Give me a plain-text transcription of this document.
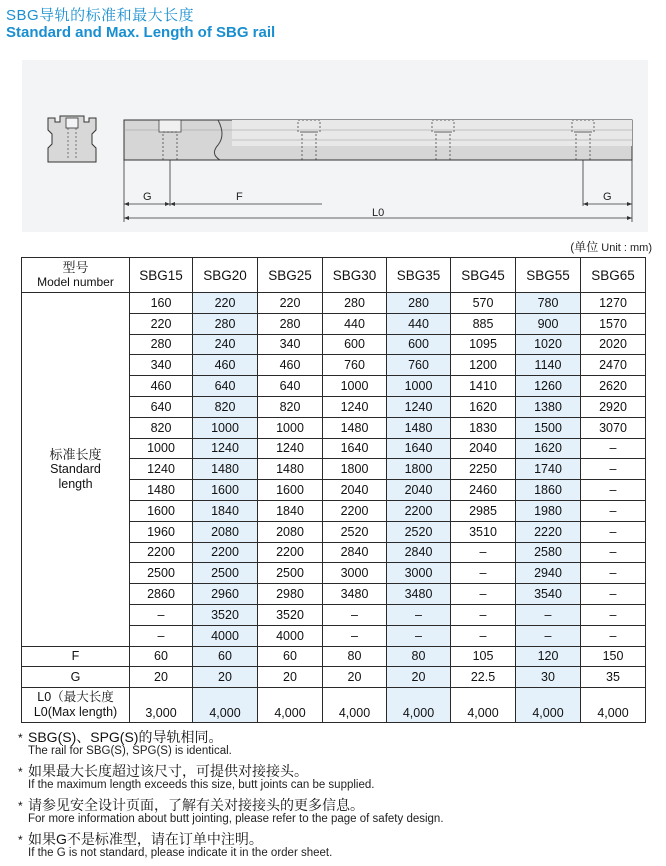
SBG导轨的标准和最大长度
Standard and Max. Length of SBG rail
G	F	G
L0
(单位 Unit : mm)
型号
Model number	SBG15	SBG20	SBG25	SBG30	SBG35	SBG45	SBG55	SBG65

标准长度
Standard
length	160	220	220	280	280	570	780	1270
	220	280	280	440	440	885	900	1570
	280	240	340	600	600	1095	1020	2020
	340	460	460	760	760	1200	1140	2470
	460	640	640	1000	1000	1410	1260	2620
	640	820	820	1240	1240	1620	1380	2920
	820	1000	1000	1480	1480	1830	1500	3070
	1000	1240	1240	1640	1640	2040	1620	–
	1240	1480	1480	1800	1800	2250	1740	–
	1480	1600	1600	2040	2040	2460	1860	–
	1600	1840	1840	2200	2200	2985	1980	–
	1960	2080	2080	2520	2520	3510	2220	–
	2200	2200	2200	2840	2840	–	2580	–
	2500	2500	2500	3000	3000	–	2940	–
	2860	2960	2980	3480	3480	–	3540	–
	–	3520	3520	–	–	–	–	–
	–	4000	4000	–	–	–	–	–
F	60	60	60	80	80	105	120	150
G	20	20	20	20	20	22.5	30	35

L0（最大长度
L0(Max length)	3,000	4,000	4,000	4,000	4,000	4,000	4,000	4,000
* SBG(S)、SPG(S)的导轨相同。
The rail for SBG(S), SPG(S) is identical.
* 如果最大长度超过该尺寸，可提供对接接头。
If the maximum length exceeds this size, butt joints can be supplied.
* 请参见安全设计页面，了解有关对接接头的更多信息。
For more information about butt jointing, please refer to the page of safety design.
* 如果G不是标准型，请在订单中注明。
If the G is not standard, please indicate it in the order sheet.
